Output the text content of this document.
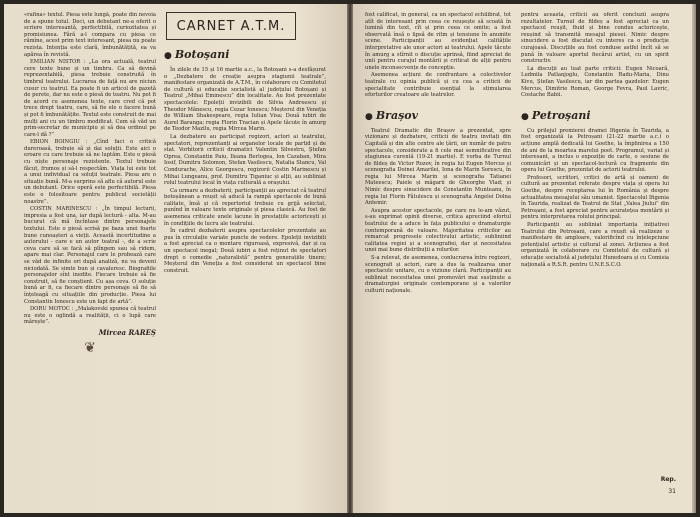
«rafina» textul. Piesa este lungă, poate din nevoia de a spune totul. Deci, un debutant ne-a oferit o scriere interesantă, perfectibilă, curiozitatea și promisiunea. Fără a-l compara cu piesa ce rămîne, acest prim text interesant, piesa nu poate rezista. Intenția este clară, îmbunătățită, ea va apărea în revistă.

EMILIAN NISTOR : „La ora actuală, teatrul cere texte bune și un timbru. Ca să devină reprezentabilă, piesa trebuie construită în timbrul teatrului. Lucrarea de față nu are niciun cusur cu teatrul. Ea poate fi un articol de gazetă de perete, dar nu este o piesă de teatru. Nu pot fi de acord cu asemenea texte, care cred că pot trece drept teatru, care, să fie ele o facere bună și pot fi îmbunătățite. Textul este construit de mai mulți ani cu un timbru modificat. Cum să văd un prim-secretar de municipiu și să dea ordinul pe care-l dă ?”

EBION BOINGIU : „Cînd faci o critică dureroasă, trebuie să și dai soluții. Este aici o eroare cu care trebuie să ne luptăm. Este o piesă cu niște personaje rezistente. Textul trebuie făcut, frumos și să-l respectăm. Viața lui este tot a unui individual ca soluții teatrale. Piesa are o situație bună. M-a surprins să aflu că autorul este un debutant. Orice operă este perfectibilă. Piesa este o folositoare pentru publicul societății noastre”.

COSTIN MARINESCU : „În timpul lecturii, impresia a fost una, iar după lectură - alta. M-au bucurat că mă încîntase dintre personajele textului. Este o piesă scrisă pe baza unei foarte bune cunoașteri a vieții. Această incertitudine a autorului - care e un autor teatral -, de a scrie ceva care să se facă să plîngem sau să ridem, apare mai clar. Personajul care le probează care se văd de infinite ori după analiză, nu va deveni niciodată. Se simte bun și cavaleresc. Biografiile personajelor sînt inedite. Fiecare trebuie să fie construit, să fie conștient. Cu așa ceva. O soluție bună ar fi, ca fiecare dintre personaje să fie să înțeleagă cu situațiile din producție. Piesa lui Constantin Ionescu este un fapt de artă”.

DORU MOTOC : „Malakovski spunea că teatrul nu este o oglindă a realității, ci o lupă care mărește”.

Mircea RAREȘ
❦
CARNET A.T.M.
● Botoșani

În zilele de 15 și 16 martie a.c., la Botoșani s-a desfășurat o „Dezbatere de creație asupra stagiunii teatrale”, manifestare organizată de A.T.M., în colaborare cu Comitetul de cultură și educație socialistă al județului Botoșani și Teatrul „Mihai Eminescu” din localitate. Au fost prezentate spectacolele: Epoleții invizibili de Silvia Andreescu și Theodor Mănescu, regia Cezar Ionescu; Meșterul din Veneția de William Shakespeare, regia Iulian Visa; Două iubiri de Aurel Baranga; regia Florin Tracian și Apele tăcute în amurg de Teodor Mazilu, regia Mircea Marin.

La dezbatere au participat regizori, actori ai teatrului, spectatori, reprezentanți ai organelor locale de partid și de stat. Vorbitorii criticii dramatici Valentin Silvestru, Ștefan Oprea, Constantin Paiu, Ileana Berlogea, Ion Cazaban, Mira Iosif, Dumitru Solomon, Stefan Vasilescu, Natalia Stancu, Val Condurache, Alice Georgescu, regizorii Costin Marinescu și Mihai Lungeanu, prof. Dumitru Țiganiuc și alții, au subliniat rolul teatrului local în viața culturală a orașului.

Ca urmare a dezbaterii, participanții au apreciat că teatrul botoșănean a reușit să aducă la rampă spectacole de bună calitate, însă și că repertoriul trebuie cu grijă selectat, punînd în valoare texte originale și piesa clasică. Au fost de asemenea criticate unele lacune în prestațiile actoricești și în condițiile de lucru ale teatrului.

În cadrul dezbaterii asupra spectacolelor prezentate au pus în circulație variate puncte de vedere. Epoleții invizibili a fost apreciat ca o montare riguroasă, expresivă, dar și ca un spectacol inegal; Două iubiri a fost reținut de spectatori drept o comedie „naturalistă” pentru generațiile tinere; Meșterul din Veneția a fost considerat un spectacol bine construit.

fost calificat, în general, ca un spectacol echilibrat, tot atît de interesant prin ceea ce reușește să scoată în lumină din text, cît și prin ceea ce omite; a fost observată însă o lipsă de ritm și tensiune în anumite scene. Participanții au evidențiat calitățile interpretative ale unor actori ai teatrului. Apele tăcute în amurg a stîrnit o discuție aprinsă, fiind apreciat de unii pentru curajul montării și criticat de alții pentru unele inconsecvențe de concepție.

Asemenea acțiuni de confruntare a colectivelor teatrale cu opinia publică și cu cea a criticii de specialitate contribuie esențial la stimularea eforturilor creatoare ale teatrelor.

● Brașov

Teatrul Dramatic din Brașov a prezentat, spre vizionare și dezbatere, criticii de teatru invitați din Capitală și din alte centre ale țării, un număr de patru spectacole, considerate a fi cele mai semnificative din stagiunea curentă (19-21 martie). E vorba de Turnul de fildeș de Victor Rozov, în regia lui Eugen Mercus și scenografia Doinei Amarilei, Iona de Marin Sorescu, în regia lui Mircea Marin și scenografia Tatianei Mateescu; Paiele și măgarii de Gheorghe Vlad; și Nimic despre sinucidere de Constantin Munteanu, în regia lui Florin Fătulescu și scenografia Angelei Dolna Antemir.

Asupra acestor spectacole, pe care nu le-am văzut, s-au exprimat opinii diverse, critica apreciind efortul teatrului de a aduce în fața publicului o dramaturgie contemporană de valoare. Majoritatea criticilor au remarcat progresele colectivului artistic, subliniind calitatea regiei și a scenografiei, dar și necesitatea unei mai bune distribuții a rolurilor.

S-a relevat, de asemenea, conlucrarea între regizori, scenografi și actori, care a dus la realizarea unor spectacole unitare, cu o viziune clară. Participanții au subliniat necesitatea unei promovări mai susținute a dramaturgiei originale contemporane și a valorilor culturii naționale.

pentru aceasta, criticii au oferit concluzii asupra rezultatelor. Turnul de fildeș a fost apreciat ca un spectacol reușit, fluid și bine condus actoricește, reușind să transmită mesajul piesei. Nimic despre sinucidere a fost discutat cu interes ca o producție curajoasă. Discuțiile au fost conduse astfel încît să se pună în valoare aportul fiecărui artist, cu un spirit constructiv.

La discuții au luat parte criticii: Eugen Nicoară, Ludmila Patlanjoglu, Constantin Radu-Maria, Dinu Kivu, Ștefan Vasilescu, iar din partea gazdelor: Eugen Mercus, Dimitrie Roman, George Fevra, Paul Lavric, Costache Babii.

● Petroșani

Cu prilejul premierei dramei Ifigenia în Taurida, a fost organizată la Petroșani (21-22 martie a.c.) o acțiune amplă dedicată lui Goethe, la împlinirea a 150 de ani de la moartea marelui poet. Programul, variat și interesant, a inclus o expoziție de carte, o sesiune de comunicări și un spectacol-lectură cu fragmente din opera lui Goethe, prezentat de actorii teatrului.

Profesori, scriitori, critici de artă și oameni de cultură au prezentat referate despre viața și opera lui Goethe, despre receptarea lui în România și despre actualitatea mesajului său umanist. Spectacolul Ifigenia în Taurida, realizat de Teatrul de Stat „Valea Jiului” din Petroșani, a fost apreciat pentru acuratețea montării și pentru interpretarea rolului principal.

Participanții au subliniat importanța inițiativei Teatrului din Petroșani, care a reușit să realizeze o manifestare de amploare, valorificînd cu înțelepciune potențialul artistic și cultural al zonei. Acțiunea a fost organizată în colaborare cu Comitetul de cultură și educație socialistă al județului Hunedoara și cu Comisia națională a R.S.R. pentru U.N.E.S.C.O.

Rep.
31
